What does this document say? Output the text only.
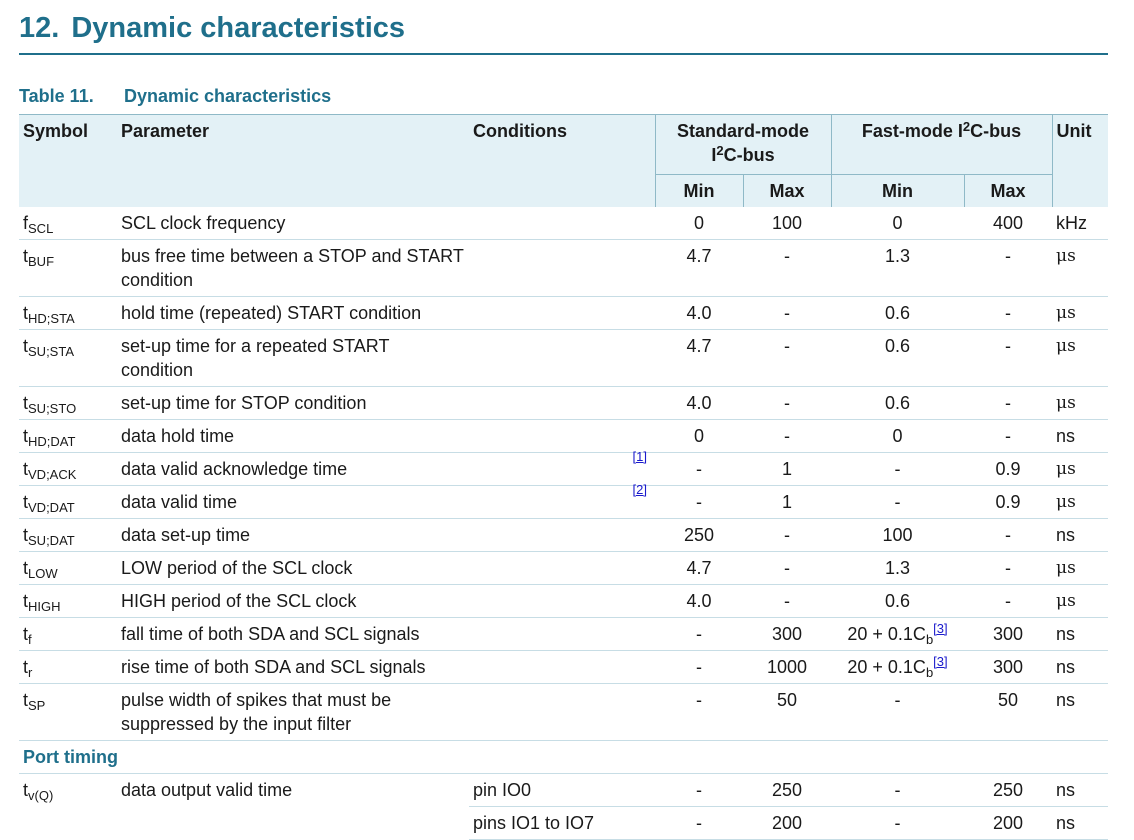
12. Dynamic characteristics
Table 11. Dynamic characteristics
Symbol	Parameter	Conditions	Standard-mode
$I^2C$-bus		Fast-mode $I^2C$-bus		Unit
			Min	Max	Min	Max	
$f_{SCL}$	SCL clock frequency		0	100	0	400	kHz
$t_{BUF}$	bus free time between a STOP and START condition		4.7	-	1.3	-	μs
$t_{HD;STA}$	hold time (repeated) START condition		4.0	-	0.6	-	μs
$t_{SU;STA}$	set-up time for a repeated START condition		4.7	-	0.6	-	μs
$t_{SU;STO}$	set-up time for STOP condition		4.0	-	0.6	-	μs
$t_{HD;DAT}$	data hold time		0	-	0	-	ns
$t_{VD;ACK}$	data valid acknowledge time	[1]	-	1	-	0.9	μs
$t_{VD;DAT}$	data valid time	[2]	-	1	-	0.9	μs
$t_{SU;DAT}$	data set-up time		250	-	100	-	ns
$t_{LOW}$	LOW period of the SCL clock		4.7	-	1.3	-	μs
$t_{HIGH}$	HIGH period of the SCL clock		4.0	-	0.6	-	μs
$t_f$	fall time of both SDA and SCL signals		-	300	$20 + 0.1C_b[3]$	300	ns
$t_r$	rise time of both SDA and SCL signals		-	1000	$20 + 0.1C_b[3]$	300	ns
$t_{SP}$	pulse width of spikes that must be suppressed by the input filter		-	50	-	50	ns
Port timing							
$t_{v(Q)}$	data output valid time	pin IO0	-	250	-	250	ns
		pins IO1 to IO7	-	200	-	200	ns
